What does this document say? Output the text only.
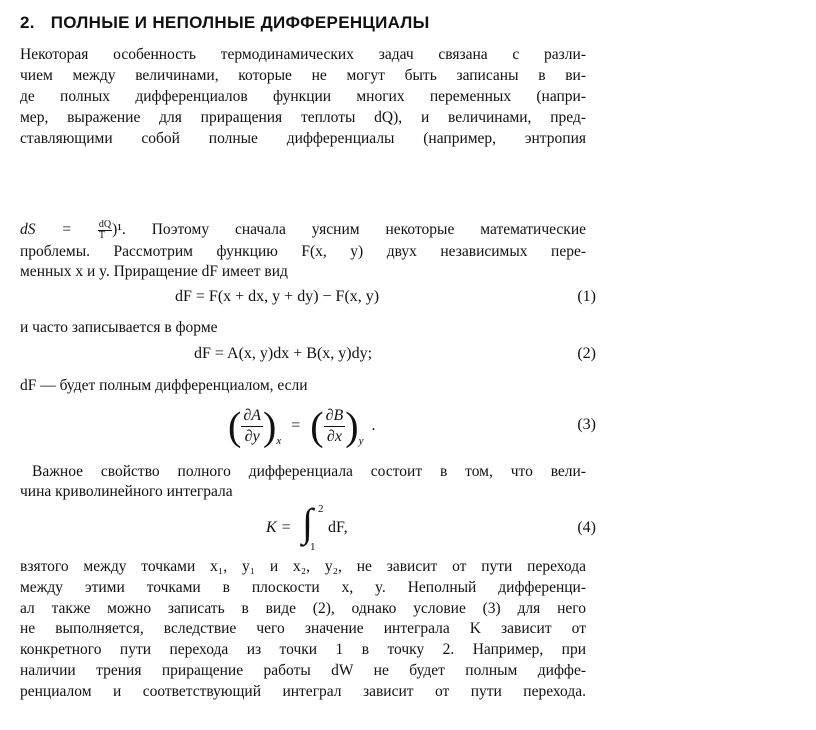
2. ПОЛНЫЕ И НЕПОЛНЫЕ ДИФФЕРЕНЦИАЛЫ
Некоторая особенность термодинамических задач связана с разли-
чием между величинами, которые не могут быть записаны в ви-
де полных дифференциалов функции многих переменных (напри-
мер, выражение для приращения теплоты dQ), и величинами, пред-
ставляющими собой полные дифференциалы (например, энтропия
dS =	$\frac{dQ}{T} )^1$. Поэтому сначала уясним некоторые математические
проблемы. Рассмотрим функцию F(x, y) двух независимых пере-
менных x и y. Приращение dF имеет вид
dF = F(x + dx, y + dy) − F(x, y)	(1)
и часто записывается в форме
dF = A(x, y)dx + B(x, y)dy;	(2)
dF — будет полным дифференциалом, если
( $\frac{\partial A}{\partial y} )_x$ = ( $\frac{\partial B}{\partial x} )_y$.	(3)
Важное свойство полного дифференциала состоит в том, что вели-
чина криволинейного интеграла
K = ∫ 2
1
dF,	(4)
взятого между точками x₁, y₁ и x₂, y₂, не зависит от пути перехода
между этими точками в плоскости x, y. Неполный дифференци-
ал также можно записать в виде (2), однако условие (3) для него
не выполняется, вследствие чего значение интеграла K зависит от
конкретного пути перехода из точки 1 в точку 2. Например, при
наличии трения приращение работы dW не будет полным диффе-
ренциалом и соответствующий интеграл зависит от пути перехода.
